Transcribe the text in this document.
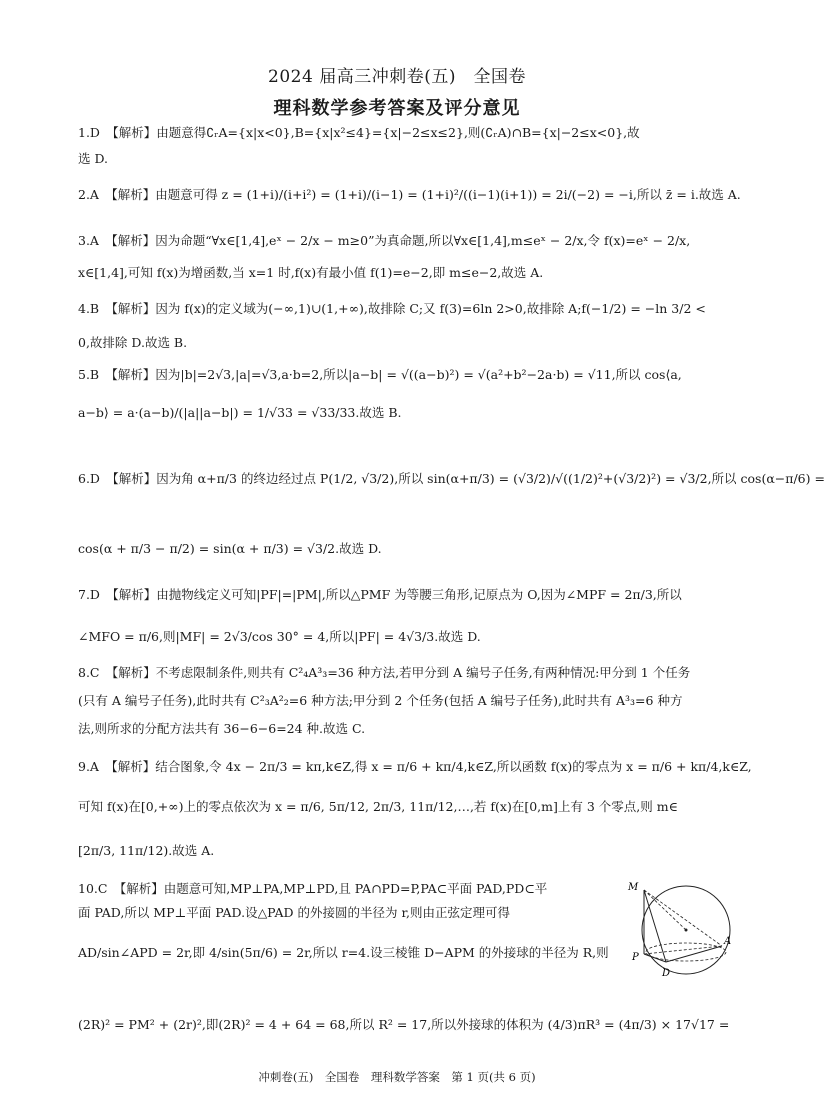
2024 届高三冲刺卷(五)　全国卷
理科数学参考答案及评分意见
1.D　【解析】由题意得∁ᵣA={x|x<0},B={x|x²≤4}={x|−2≤x≤2},则(∁ᵣA)∩B={x|−2≤x<0},故
选 D.
2.A　【解析】由题意可得 z = (1+i)/(i+i²) = (1+i)/(i−1) = (1+i)²/((i−1)(i+1)) = 2i/(−2) = −i,所以 z̄ = i.故选 A.
3.A　【解析】因为命题“∀x∈[1,4],eˣ − 2/x − m≥0”为真命题,所以∀x∈[1,4],m≤eˣ − 2/x,令 f(x)=eˣ − 2/x,
x∈[1,4],可知 f(x)为增函数,当 x=1 时,f(x)有最小值 f(1)=e−2,即 m≤e−2,故选 A.
4.B　【解析】因为 f(x)的定义域为(−∞,1)∪(1,+∞),故排除 C;又 f(3)=6ln 2>0,故排除 A;f(−1/2) = −ln 3/2 <
0,故排除 D.故选 B.
5.B　【解析】因为|b|=2√3,|a|=√3,a·b=2,所以|a−b| = √((a−b)²) = √(a²+b²−2a·b) = √11,所以 cos⟨a,
a−b⟩ = a·(a−b)/(|a||a−b|) = 1/√33 = √33/33.故选 B.
6.D　【解析】因为角 α+π/3 的终边经过点 P(1/2, √3/2),所以 sin(α+π/3) = (√3/2)/√((1/2)²+(√3/2)²) = √3/2,所以 cos(α−π/6) =
cos(α + π/3 − π/2) = sin(α + π/3) = √3/2.故选 D.
7.D　【解析】由抛物线定义可知|PF|=|PM|,所以△PMF 为等腰三角形,记原点为 O,因为∠MPF = 2π/3,所以
∠MFO = π/6,则|MF| = 2√3/cos 30° = 4,所以|PF| = 4√3/3.故选 D.
8.C　【解析】不考虑限制条件,则共有 C²₄A³₃=36 种方法,若甲分到 A 编号子任务,有两种情况:甲分到 1 个任务
(只有 A 编号子任务),此时共有 C²₃A²₂=6 种方法;甲分到 2 个任务(包括 A 编号子任务),此时共有 A³₃=6 种方
法,则所求的分配方法共有 36−6−6=24 种.故选 C.
9.A　【解析】结合图象,令 4x − 2π/3 = kπ,k∈Z,得 x = π/6 + kπ/4,k∈Z,所以函数 f(x)的零点为 x = π/6 + kπ/4,k∈Z,
可知 f(x)在[0,+∞)上的零点依次为 x = π/6, 5π/12, 2π/3, 11π/12,…,若 f(x)在[0,m]上有 3 个零点,则 m∈
[2π/3, 11π/12).故选 A.
10.C　【解析】由题意可知,MP⊥PA,MP⊥PD,且 PA∩PD=P,PA⊂平面 PAD,PD⊂平
面 PAD,所以 MP⊥平面 PAD.设△PAD 的外接圆的半径为 r,则由正弦定理可得
AD/sin∠APD = 2r,即 4/sin(5π/6) = 2r,所以 r=4.设三棱锥 D−APM 的外接球的半径为 R,则
(2R)² = PM² + (2r)²,即(2R)² = 4 + 64 = 68,所以 R² = 17,所以外接球的体积为 (4/3)πR³ = (4π/3) × 17√17 =
M
P
D
A
冲刺卷(五)　全国卷　理科数学答案　第 1 页(共 6 页)
